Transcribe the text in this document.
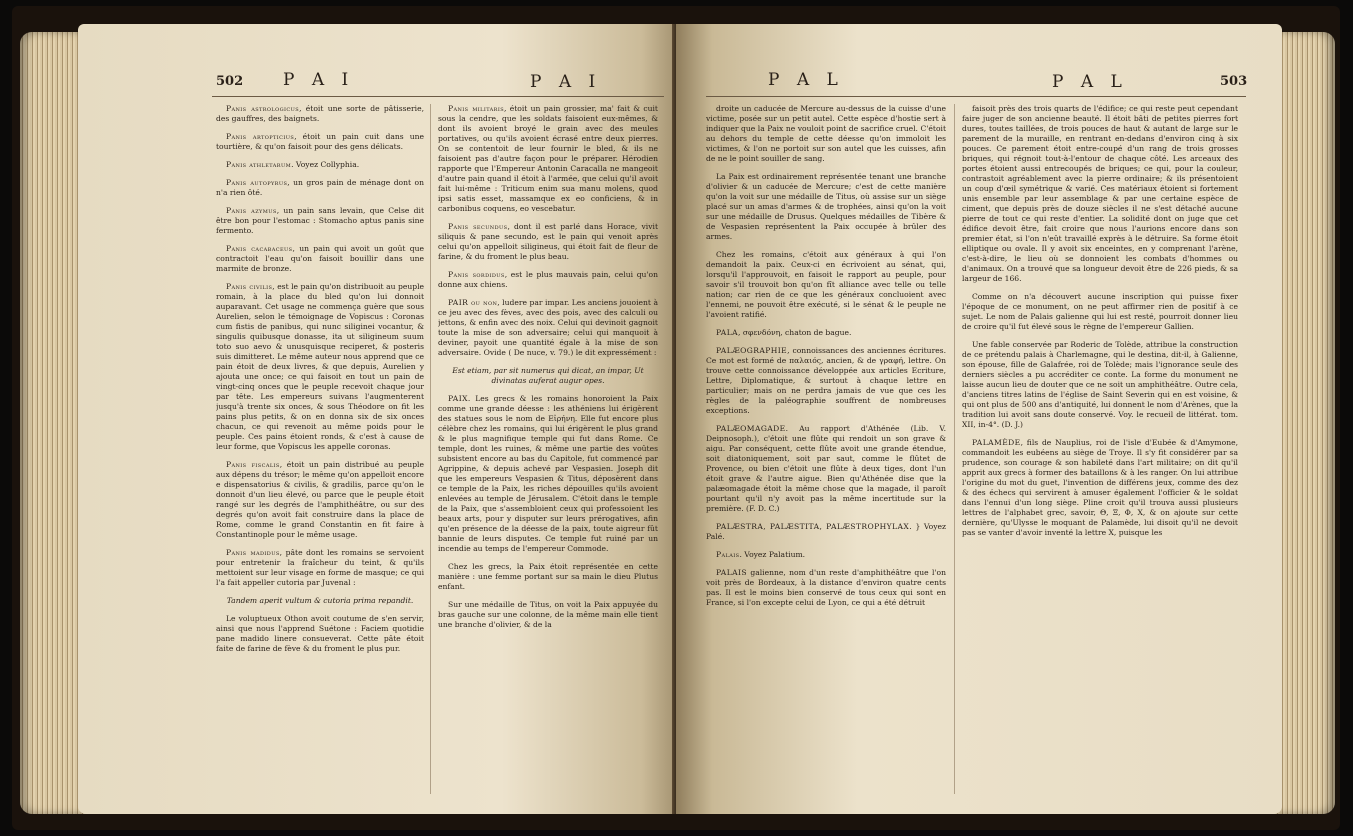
502 P A I	P A I

Panis astrologicus, étoit une sorte de pâtisserie, des gauffres, des baignets.

Panis artopticius, étoit un pain cuit dans une tourtière, & qu'on faisoit pour des gens délicats.

Panis athletarum. Voyez Collyphia.

Panis autopyrus, un gros pain de ménage dont on n'a rien ôté.

Panis azymus, un pain sans levain, que Celse dit être bon pour l'estomac : Stomacho aptus panis sine fermento.

Panis cacabaceus, un pain qui avoit un goût que contractoit l'eau qu'on faisoit bouillir dans une marmite de bronze.

Panis civilis, est le pain qu'on distribuoit au peuple romain, à la place du bled qu'on lui donnoit auparavant. Cet usage ne commença guère que sous Aurelien, selon le témoignage de Vopiscus : Coronas cum fistis de panibus, qui nunc siliginei vocantur, & singulis quibusque donasse, ita ut siligineum suum toto suo aevo & unusquisque reciperet, & posteris suis dimitteret. Le même auteur nous apprend que ce pain étoit de deux livres, & que depuis, Aurelien y ajouta une once; ce qui faisoit en tout un pain de vingt-cinq onces que le peuple recevoit chaque jour par tête. Les empereurs suivans l'augmenterent jusqu'à trente six onces, & sous Théodore on fit les pains plus petits, & on en donna six de six onces chacun, ce qui revenoit au même poids pour le peuple. Ces pains étoient ronds, & c'est à cause de leur forme, que Vopiscus les appelle coronas.

Panis fiscalis, étoit un pain distribué au peuple aux dépens du trésor; le même qu'on appelloit encore e dispensatorius & civilis, & gradilis, parce qu'on le donnoit d'un lieu élevé, ou parce que le peuple étoit rangé sur les degrés de l'amphithéâtre, ou sur des degrés qu'on avoit fait construire dans la place de Rome, comme le grand Constantin en fit faire à Constantinople pour le même usage.

Panis madidus, pâte dont les romains se servoient pour entretenir la fraîcheur du teint, & qu'ils mettoient sur leur visage en forme de masque; ce qui l'a fait appeller cutoria par Juvenal :

Tandem aperit vultum & cutoria prima repandit.

Le voluptueux Othon avoit coutume de s'en servir, ainsi que nous l'apprend Suétone : Faciem quotidie pane madido linere consueverat. Cette pâte étoit faite de farine de fève & du froment le plus pur.

Panis militaris, étoit un pain grossier, ma' fait & cuit sous la cendre, que les soldats faisoient eux-mêmes, & dont ils avoient broyé le grain avec des meules portatives, ou qu'ils avoient écrasé entre deux pierres. On se contentoit de leur fournir le bled, & ils ne faisoient pas d'autre façon pour le préparer. Hérodien rapporte que l'Empereur Antonin Caracalla ne mangeoit d'autre pain quand il étoit à l'armée, que celui qu'il avoit fait lui-même : Triticum enim sua manu molens, quod ipsi satis esset, massamque ex eo conficiens, & in carbonibus coquens, eo vescebatur.

Panis secundus, dont il est parlé dans Horace, vivit siliquis & pane secundo, est le pain qui venoit après celui qu'on appelloit siligineus, qui étoit fait de fleur de farine, & du froment le plus beau.

Panis sordidus, est le plus mauvais pain, celui qu'on donne aux chiens.

PAIR ou non, ludere par impar. Les anciens jouoient à ce jeu avec des fèves, avec des pois, avec des calculi ou jettons, & enfin avec des noix. Celui qui devinoit gagnoit toute la mise de son adversaire; celui qui manquoit à deviner, payoit une quantité égale à la mise de son adversaire. Ovide ( De nuce, v. 79.) le dit expressément :

Est etiam, par sit numerus qui dicat, an impar, Ut divinatas auferat augur opes.

PAIX. Les grecs & les romains honoroient la Paix comme une grande déesse : les athéniens lui érigèrent des statues sous le nom de Εἰρήνη. Elle fut encore plus célèbre chez les romains, qui lui érigèrent le plus grand & le plus magnifique temple qui fut dans Rome. Ce temple, dont les ruines, & même une partie des voûtes subsistent encore au bas du Capitole, fut commencé par Agrippine, & depuis achevé par Vespasien. Joseph dit que les empereurs Vespasien & Titus, déposèrent dans ce temple de la Paix, les riches dépouilles qu'ils avoient enlevées au temple de Jérusalem. C'étoit dans le temple de la Paix, que s'assembloient ceux qui professoient les beaux arts, pour y disputer sur leurs prérogatives, afin qu'en présence de la déesse de la paix, toute aigreur fût bannie de leurs disputes. Ce temple fut ruiné par un incendie au temps de l'empereur Commode.

Chez les grecs, la Paix étoit représentée en cette manière : une femme portant sur sa main le dieu Plutus enfant.

Sur une médaille de Titus, on voit la Paix appuyée du bras gauche sur une colonne, de la même main elle tient une branche d'olivier, & de la

P A L	P A L	503

droite un caducée de Mercure au-dessus de la cuisse d'une victime, posée sur un petit autel. Cette espèce d'hostie sert à indiquer que la Paix ne vouloit point de sacrifice cruel. C'étoit au dehors du temple de cette déesse qu'on immoloit les victimes, & l'on ne portoit sur son autel que les cuisses, afin de ne le point souiller de sang.

La Paix est ordinairement représentée tenant une branche d'olivier & un caducée de Mercure; c'est de cette manière qu'on la voit sur une médaille de Titus, où assise sur un siège placé sur un amas d'armes & de trophées, ainsi qu'on la voit sur une médaille de Drusus. Quelques médailles de Tibère & de Vespasien représentent la Paix occupée à brûler des armes.

Chez les romains, c'étoit aux généraux à qui l'on demandoit la paix. Ceux-ci en écrivoient au sénat, qui, lorsqu'il l'approuvoit, en faisoit le rapport au peuple, pour savoir s'il trouvoit bon qu'on fît alliance avec telle ou telle nation; car rien de ce que les généraux concluoient avec l'ennemi, ne pouvoit être exécuté, si le sénat & le peuple ne l'avoient ratifié.

PALA, σφενδόνη, chaton de bague.

PALÆOGRAPHIE, connoissances des anciennes écritures. Ce mot est formé de παλαιός, ancien, & de γραφή, lettre. On trouve cette connoissance développée aux articles Ecriture, Lettre, Diplomatique, & surtout à chaque lettre en particulier; mais on ne perdra jamais de vue que ces les règles de la paléographie souffrent de nombreuses exceptions.

PALÆOMAGADE. Au rapport d'Athénée (Lib. V. Deipnosoph.), c'étoit une flûte qui rendoit un son grave & aigu. Par conséquent, cette flûte avoit une grande étendue, soit diatoniquement, soit par saut, comme le flûtet de Provence, ou bien c'étoit une flûte à deux tiges, dont l'un étoit grave & l'autre aigue. Bien qu'Athénée dise que la palæomagade étoit la même chose que la magade, il paroît pourtant qu'il n'y avoit pas la même incertitude sur la première. (F. D. C.)

PALÆSTRA, PALÆSTITA, PALÆSTROPHYLAX. } Voyez Palé.

Palais. Voyez Palatium.

PALAIS galienne, nom d'un reste d'amphithéâtre que l'on voit près de Bordeaux, à la distance d'environ quatre cents pas. Il est le moins bien conservé de tous ceux qui sont en France, si l'on excepte celui de Lyon, ce qui a été détruit

faisoit près des trois quarts de l'édifice; ce qui reste peut cependant faire juger de son ancienne beauté. Il étoit bâti de petites pierres fort dures, toutes taillées, de trois pouces de haut & autant de large sur le parement de la muraille, en rentrant en-dedans d'environ cinq à six pouces. Ce parement étoit entre-coupé d'un rang de trois grosses briques, qui régnoit tout-à-l'entour de chaque côté. Les arceaux des portes étoient aussi entrecoupés de briques; ce qui, pour la couleur, contrastoit agréablement avec la pierre ordinaire; & ils présentoient un coup d'œil symétrique & varié. Ces matériaux étoient si fortement unis ensemble par leur assemblage & par une certaine espèce de ciment, que depuis près de douze siècles il ne s'est détaché aucune pierre de tout ce qui reste d'entier. La solidité dont on juge que cet édifice devoit être, fait croire que nous l'aurions encore dans son premier état, si l'on n'eût travaillé exprès à le détruire. Sa forme étoit elliptique ou ovale. Il y avoit six enceintes, en y comprenant l'arène, c'est-à-dire, le lieu où se donnoient les combats d'hommes ou d'animaux. On a trouvé que sa longueur devoit être de 226 pieds, & sa largeur de 166.

Comme on n'a découvert aucune inscription qui puisse fixer l'époque de ce monument, on ne peut affirmer rien de positif à ce sujet. Le nom de Palais galienne qui lui est resté, pourroit donner lieu de croire qu'il fut élevé sous le règne de l'empereur Gallien.

Une fable conservée par Roderic de Tolède, attribue la construction de ce prétendu palais à Charlemagne, qui le destina, dit-il, à Galienne, son épouse, fille de Galafrée, roi de Tolède; mais l'ignorance seule des derniers siècles a pu accréditer ce conte. La forme du monument ne laisse aucun lieu de douter que ce ne soit un amphithéâtre. Outre cela, d'anciens titres latins de l'église de Saint Severin qui en est voisine, & qui ont plus de 500 ans d'antiquité, lui donnent le nom d'Arènes, que la tradition lui avoit sans doute conservé. Voy. le recueil de littérat. tom. XII, in-4°. (D. J.)

PALAMÈDE, fils de Nauplius, roi de l'isle d'Eubée & d'Amymone, commandoit les eubéens au siège de Troye. Il s'y fit considérer par sa prudence, son courage & son habileté dans l'art militaire; on dit qu'il apprit aux grecs à former des bataillons & à les ranger. On lui attribue l'origine du mot du guet, l'invention de différens jeux, comme des dez & des échecs qui servirent à amuser également l'officier & le soldat dans l'ennui d'un long siège. Pline croit qu'il trouva aussi plusieurs lettres de l'alphabet grec, savoir, Θ, Ξ, Φ, Χ, & on ajoute sur cette dernière, qu'Ulysse le moquant de Palamède, lui disoit qu'il ne devoit pas se vanter d'avoir inventé la lettre Χ, puisque les
